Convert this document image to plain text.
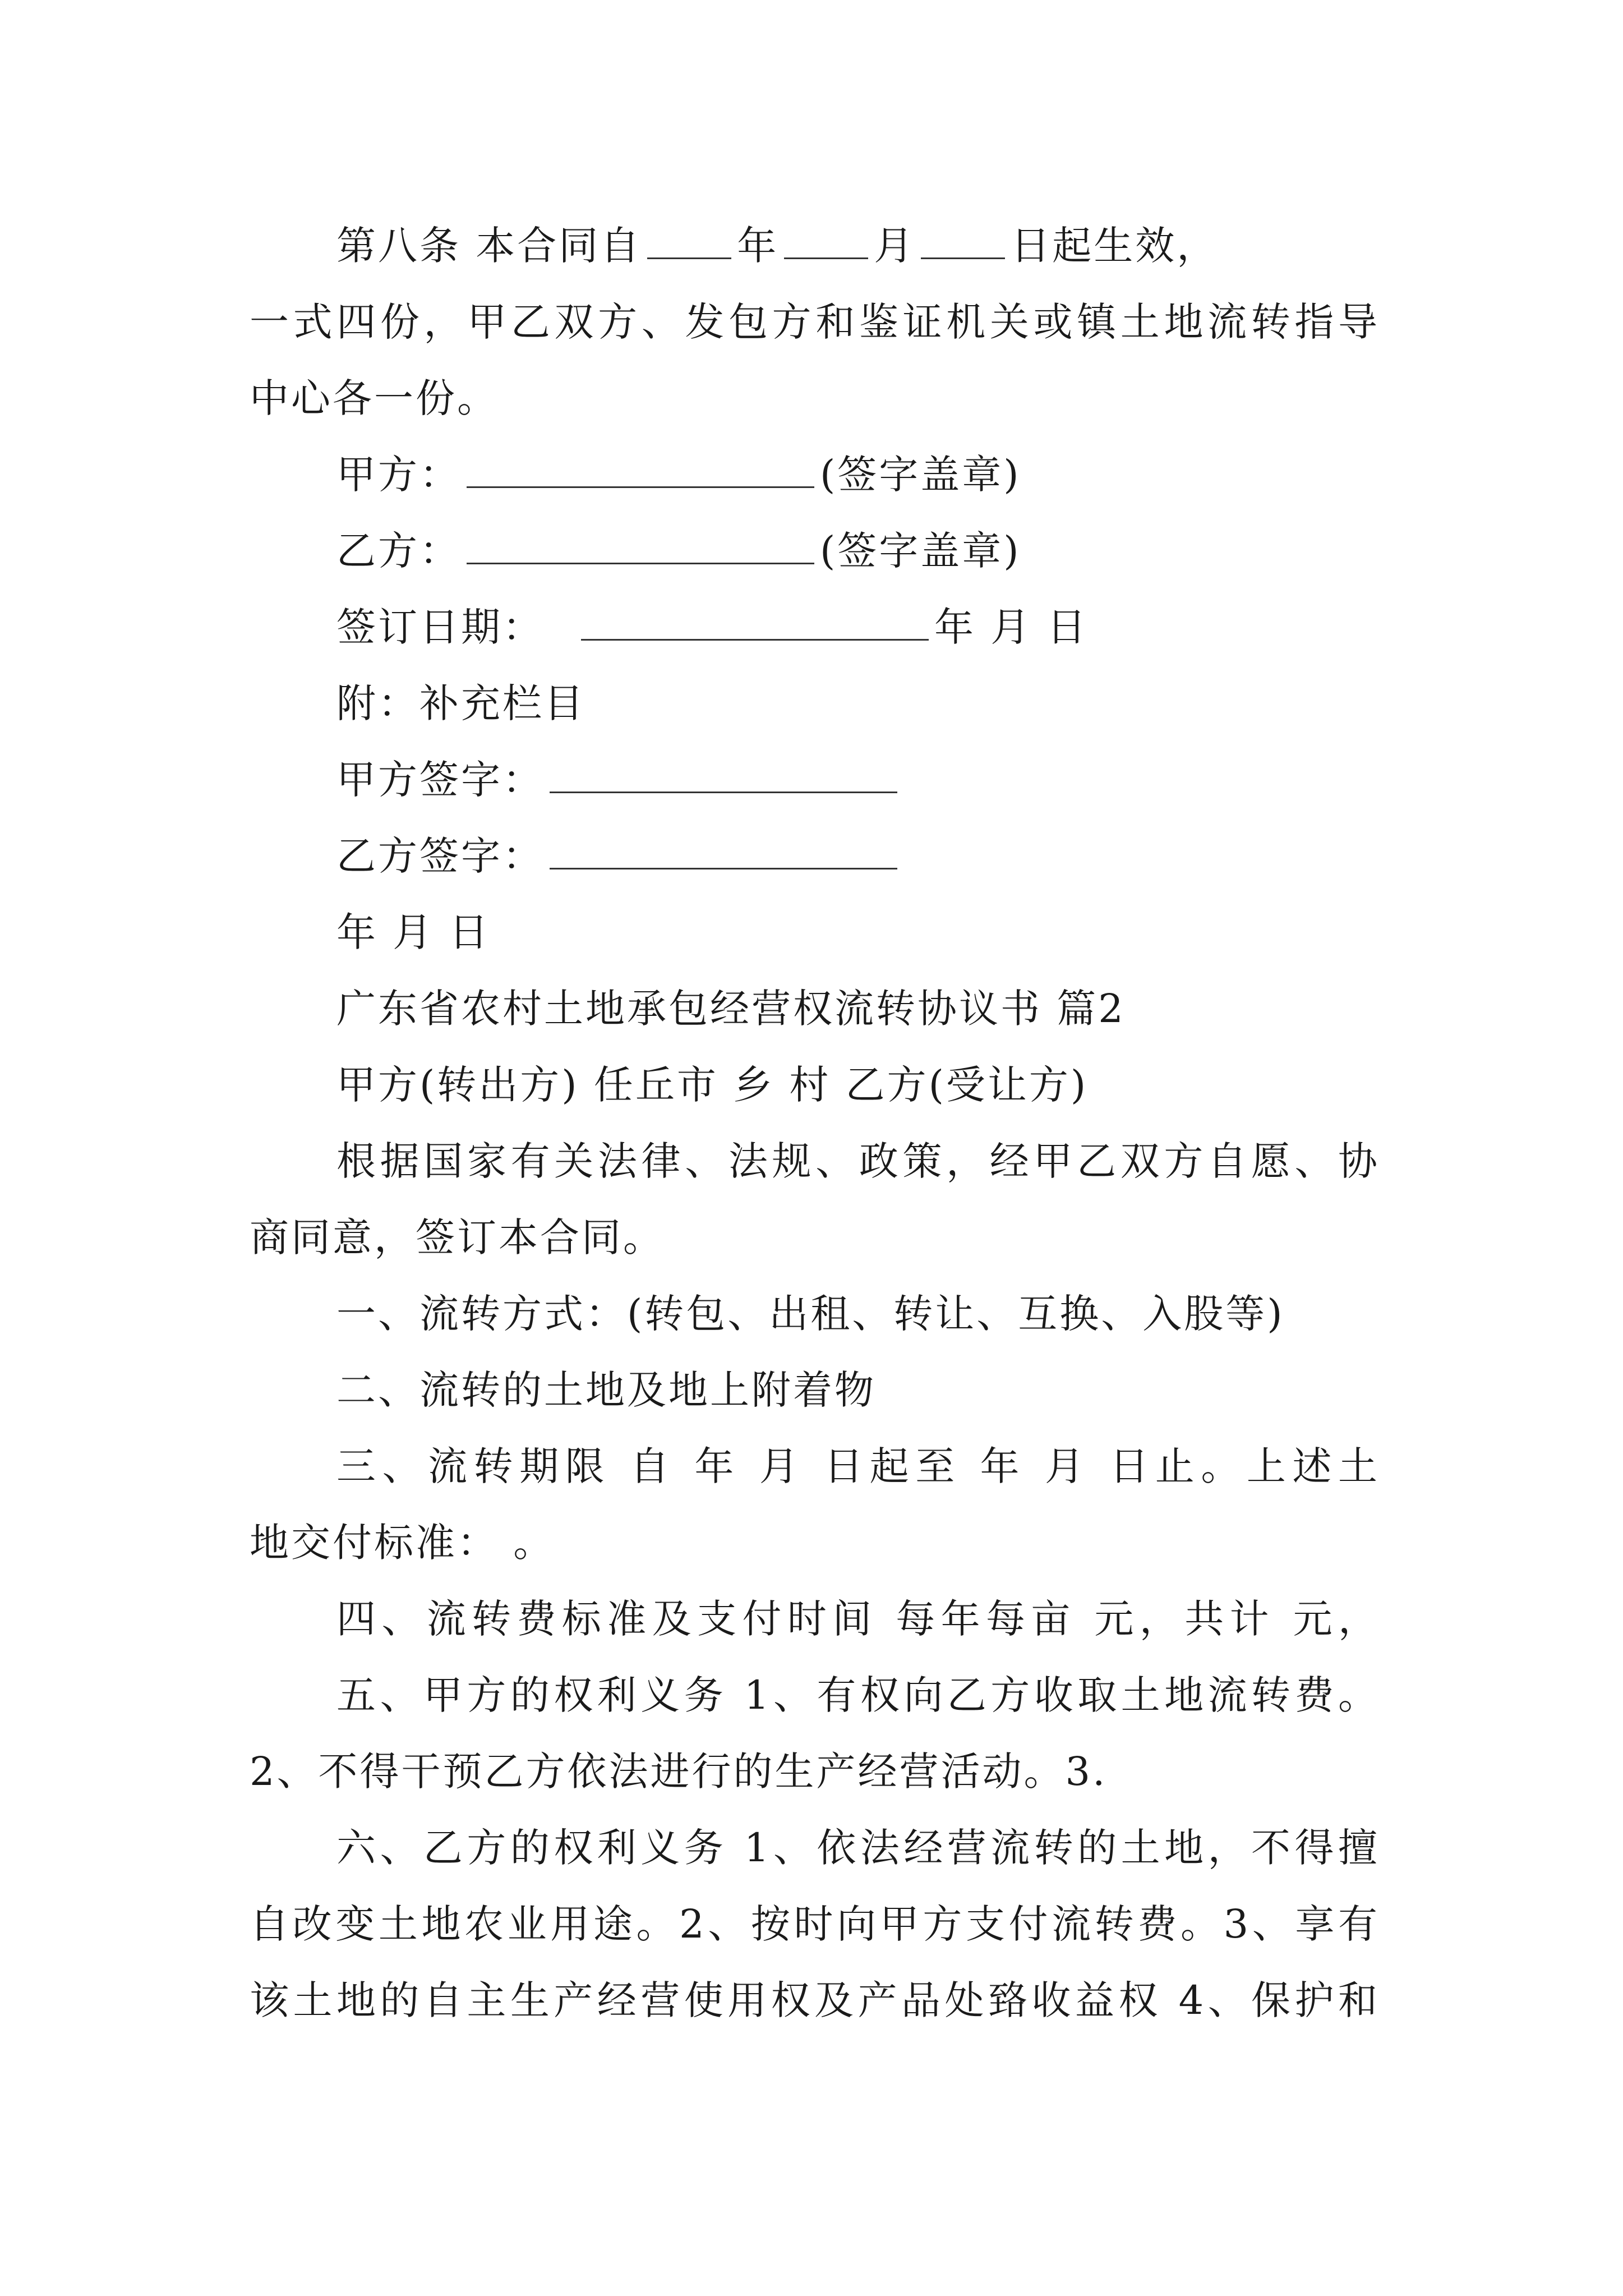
第八条 本合同自 年 月 日起生效，
一式四份，甲乙双方、发包方和鉴证机关或镇土地流转指导
中心各一份。
甲方：	(签字盖章)
乙方：	(签字盖章)
签订日期：	年 月 日
附：补充栏目
甲方签字：
乙方签字：
年 月 日
广东省农村土地承包经营权流转协议书 篇2
甲方(转出方) 任丘市 乡 村 乙方(受让方)
根据国家有关法律、法规、政策，经甲乙双方自愿、协
商同意，签订本合同。
一、流转方式：(转包、出租、转让、互换、入股等)
二、流转的土地及地上附着物
三、流转期限 自 年 月 日起至 年 月 日止。上述土
地交付标准： 。
四、流转费标准及支付时间 每年每亩 元，共计 元，
五、甲方的权利义务 1、有权向乙方收取土地流转费。
2、不得干预乙方依法进行的生产经营活动。3.
六、乙方的权利义务 1、依法经营流转的土地，不得擅
自改变土地农业用途。2、按时向甲方支付流转费。3、享有
该土地的自主生产经营使用权及产品处臵收益权 4、保护和
